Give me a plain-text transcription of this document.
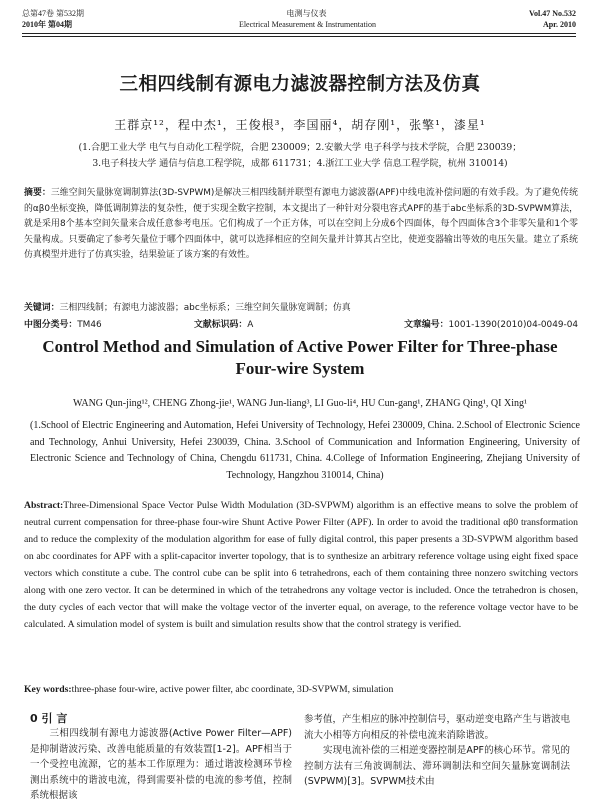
总第47卷 第532期	电测与仪表	Vol.47 No.532
2010年 第04期	Electrical Measurement & Instrumentation	Apr. 2010
三相四线制有源电力滤波器控制方法及仿真
王群京¹²，程中杰¹，王俊根³，李国丽⁴，胡存刚¹，张擎¹，漆星¹
(1.合肥工业大学 电气与自动化工程学院，合肥 230009；2.安徽大学 电子科学与技术学院，合肥 230039；
3.电子科技大学 通信与信息工程学院，成都 611731；4.浙江工业大学 信息工程学院，杭州 310014)
摘要：三维空间矢量脉宽调制算法(3D-SVPWM)是解决三相四线制并联型有源电力滤波器(APF)中线电流补偿问题的有效手段。为了避免传统的αβ0坐标变换，降低调制算法的复杂性，便于实现全数字控制，本文提出了一种针对分裂电容式APF的基于abc坐标系的3D-SVPWM算法，就是采用8个基本空间矢量来合成任意参考电压。它们构成了一个正方体，可以在空间上分成6个四面体，每个四面体含3个非零矢量和1个零矢量构成。只要确定了参考矢量位于哪个四面体中，就可以选择相应的空间矢量并计算其占空比，使逆变器输出等效的电压矢量。建立了系统仿真模型并进行了仿真实验，结果验证了该方案的有效性。
关键词：三相四线制；有源电力滤波器；abc坐标系；三维空间矢量脉宽调制；仿真
中图分类号：TM46	文献标识码：A	文章编号：1001-1390(2010)04-0049-04
Control Method and Simulation of Active Power Filter for Three-phase
Four-wire System
WANG Qun-jing¹², CHENG Zhong-jie¹, WANG Jun-liang³, LI Guo-li⁴, HU Cun-gang¹, ZHANG Qing¹, QI Xing¹
(1.School of Electric Engineering and Automation, Hefei University of Technology, Hefei 230009, China. 2.School of Electronic Science and Technology, Anhui University, Hefei 230039, China. 3.School of Communication and Information Engineering, University of Electronic Science and Technology of China, Chengdu 611731, China. 4.College of Information Engineering, Zhejiang University of Technology, Hangzhou 310014, China)
Abstract:Three-Dimensional Space Vector Pulse Width Modulation (3D-SVPWM) algorithm is an effective means to solve the problem of neutral current compensation for three-phase four-wire Shunt Active Power Filter (APF). In order to avoid the traditional αβ0 transformation and to reduce the complexity of the modulation algorithm for ease of fully digital control, this paper presents a 3D-SVPWM algorithm based on abc coordinates for APF with a split-capacitor inverter topology, that is to synthesize an arbitrary reference voltage using eight fixed space vectors which constitute a cube. The control cube can be split into 6 tetrahedrons, each of them containing three nonzero switching vectors along with one zero vector. It can be determined in which of the tetrahedrons any voltage vector is included. Once the tetrahedron is chosen, the duty cycles of each vector that will make the voltage vector of the inverter equal, on average, to the reference voltage vector have to be calculated. A simulation model of system is built and simulation results show that the control strategy is verified.
Key words:three-phase four-wire, active power filter, abc coordinate, 3D-SVPWM, simulation
0 引 言
三相四线制有源电力滤波器(Active Power Filter—APF)是抑制谐波污染、改善电能质量的有效装置[1-2]。APF相当于一个受控电流源，它的基本工作原理为：通过谐波检测环节检测出系统中的谐波电流，得到需要补偿的电流的参考值，控制系统根据该
参考值，产生相应的脉冲控制信号，驱动逆变电路产生与谐波电流大小相等方向相反的补偿电流来消除谐波。
实现电流补偿的三相逆变器控制是APF的核心环节。常见的控制方法有三角波调制法、滞环调制法和空间矢量脉宽调制法(SVPWM)[3]。SVPWM技术由
